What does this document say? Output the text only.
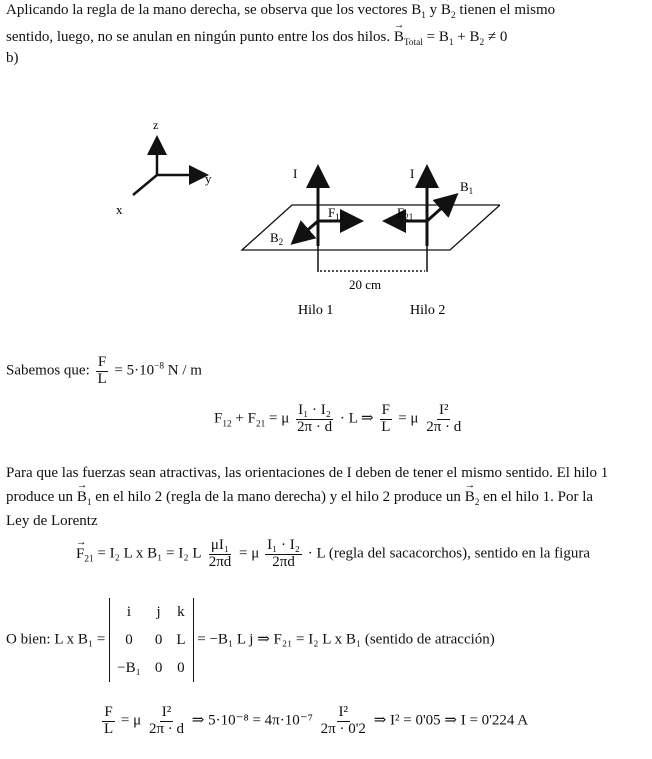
Aplicando la regla de la mano derecha, se observa que los vectores → $B_1$ $y \to B_2$ tienen el mismo
sentido, luego, no se anulan en ningún punto entre los dos hilos. → $B_{Total} = B_1 + B_2 \ne 0$
b)
z
y
x
I	I
$F_{12}$	$F_{21}$
$B_2$
$B_1$
20 cm
Hilo 1	Hilo 2
Sabemos que: $\frac{F}{L} = 5\cdot 10^{-8}$ N / m
$F_{12} + F_{21} = \mu \frac{\text{I₁ · I₂}}{2\pi \cdot d} \cdot L$ ⇒ $\frac{F}{L} = \mu \frac{\text{I²}}{2\pi \cdot d}$
Para que las fuerzas sean atractivas, las orientaciones de I deben de tener el mismo sentido. El hilo 1
produce un → $B_1$ en el hilo 2 (regla de la mano derecha) y el hilo 2 produce un → $B_2$ en el hilo 1. Por la
Ley de Lorentz
→ $F_{21} = I_2$ L x B₁ = I₂ L $\frac{\text{μI₁}}{2\pi d} = \mu \frac{\text{I₁ · I₂}}{2\pi d} \cdot L$ (regla del sacacorchos), sentido en la figura
O bien: L x B₁ = i	j	k
0	0	L
−B₁	0	0 = −B₁ L j ⇒ F₂₁ = I₂ L x B₁ (sentido de atracción)
$\frac{F}{L} = \mu \frac{\text{I²}}{2\pi \cdot d}$ ⇒ $5\cdot 10^{-8} = 4\pi\cdot 10^{-7} \frac{\text{I²}}{2\pi \cdot 0'2}$ ⇒ I² = 0'05 ⇒ I = 0'224 A
